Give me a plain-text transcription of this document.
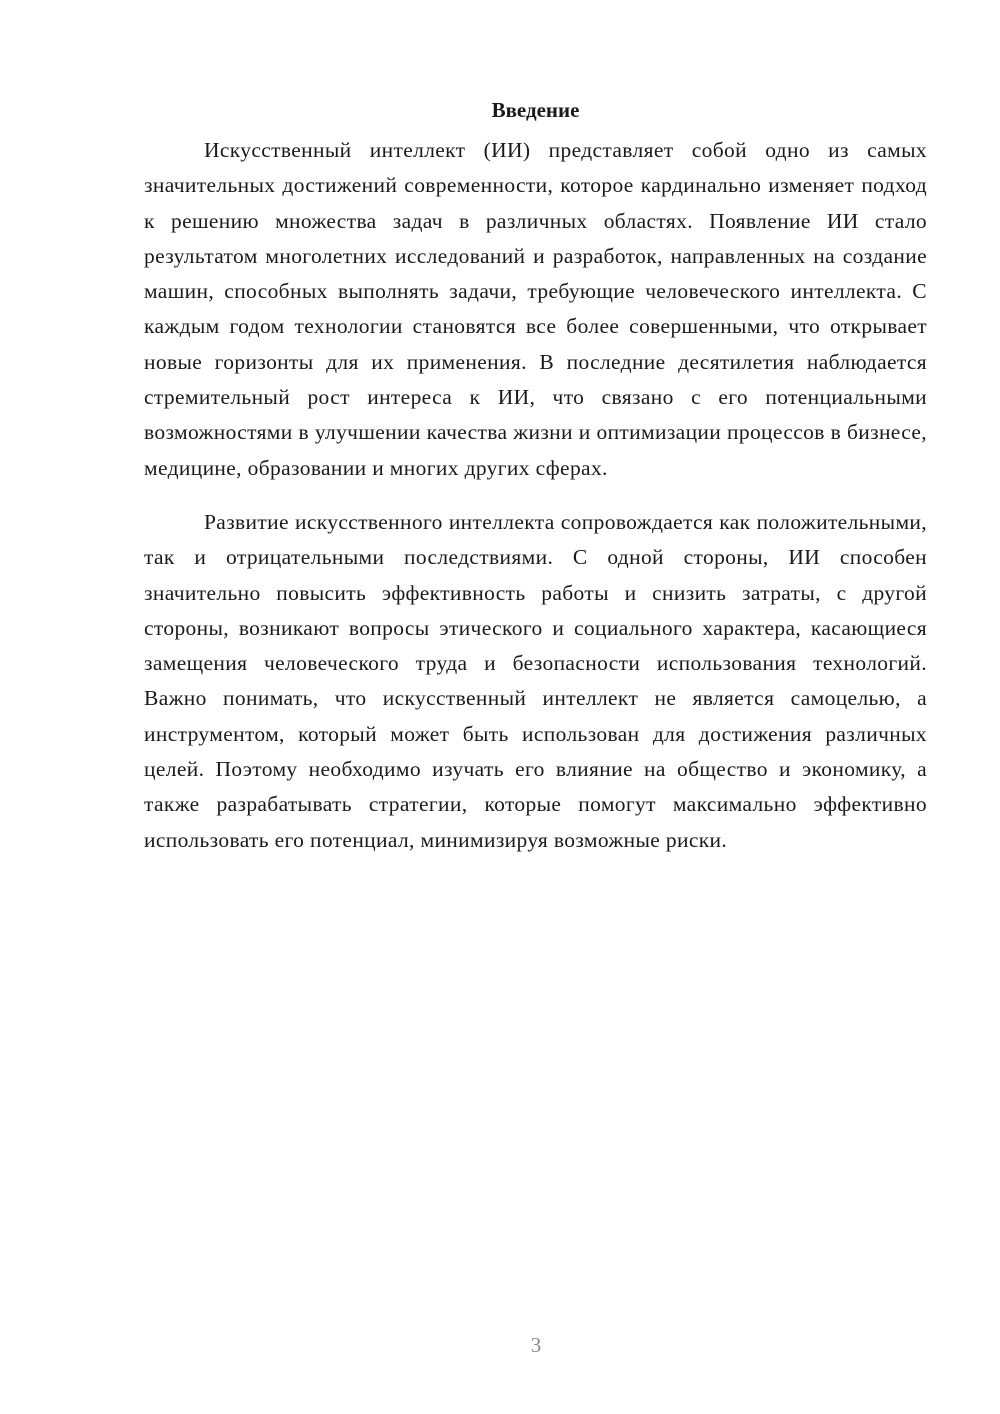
Введение

Искусственный интеллект (ИИ) представляет собой одно из самых значительных достижений современности, которое кардинально изменяет подход к решению множества задач в различных областях. Появление ИИ стало результатом многолетних исследований и разработок, направленных на создание машин, способных выполнять задачи, требующие человеческого интеллекта. С каждым годом технологии становятся все более совершенными, что открывает новые горизонты для их применения. В последние десятилетия наблюдается стремительный рост интереса к ИИ, что связано с его потенциальными возможностями в улучшении качества жизни и оптимизации процессов в бизнесе, медицине, образовании и многих других сферах.

Развитие искусственного интеллекта сопровождается как положительными, так и отрицательными последствиями. С одной стороны, ИИ способен значительно повысить эффективность работы и снизить затраты, с другой стороны, возникают вопросы этического и социального характера, касающиеся замещения человеческого труда и безопасности использования технологий. Важно понимать, что искусственный интеллект не является самоцелью, а инструментом, который может быть использован для достижения различных целей. Поэтому необходимо изучать его влияние на общество и экономику, а также разрабатывать стратегии, которые помогут максимально эффективно использовать его потенциал, минимизируя возможные риски.

3
